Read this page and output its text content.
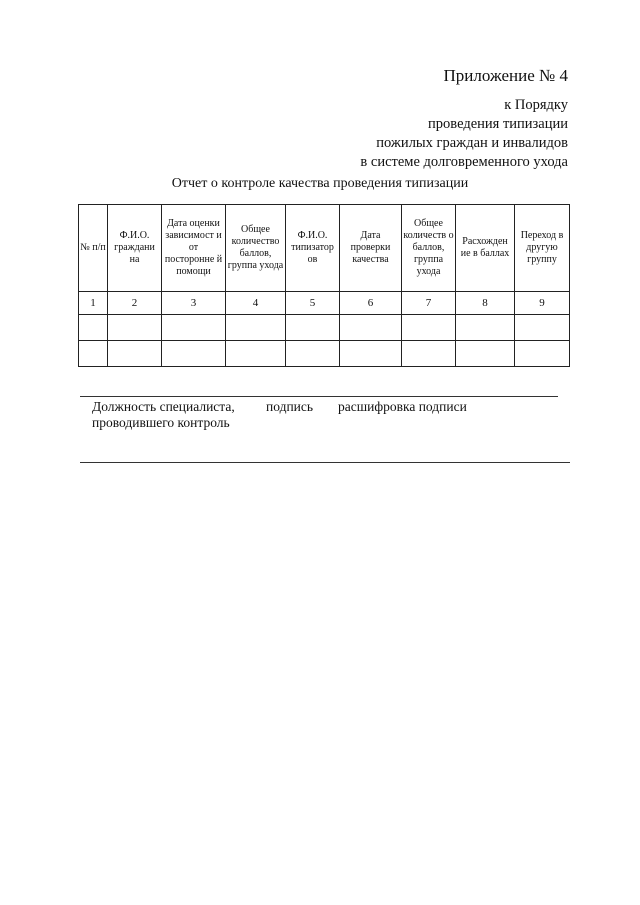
Приложение № 4
к Порядку
проведения типизации
пожилых граждан и инвалидов
в системе долговременного ухода
Отчет о контроле качества проведения типизации
№ п/п	Ф.И.О. граждани на	Дата оценки зависимост и от посторонне й помощи	Общее количество баллов, группа ухода	Ф.И.О. типизатор ов	Дата проверки качества	Общее количеств о баллов, группа ухода	Расхожден ие в баллах	Переход в другую группу
1	2	3	4	5	6	7	8	9

Должность специалиста,
проводившего контроль
подпись расшифровка подписи
